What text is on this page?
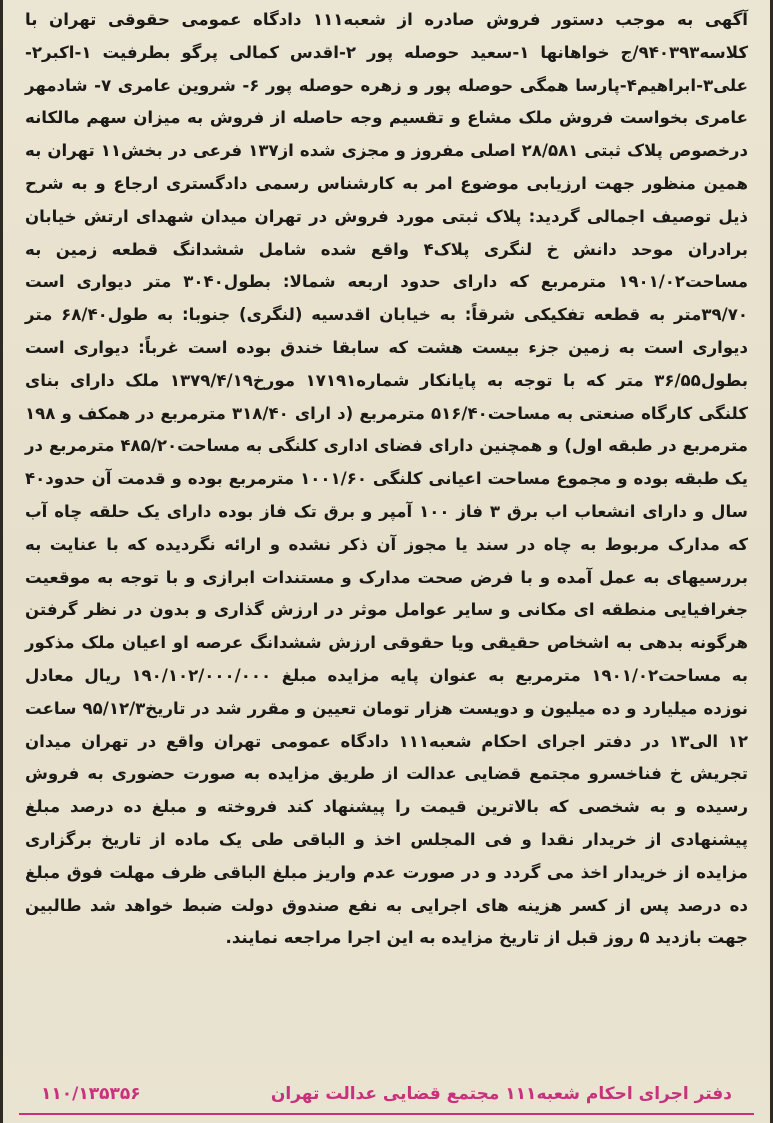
آگهی به موجب دستور فروش صادره از شعبه۱۱۱ دادگاه عمومی حقوقی تهران با کلاسه۹۴۰۳۹۳/ج خواهانها ۱-سعید حوصله پور ۲-اقدس کمالی پرگو بطرفیت ۱-اکبر۲-علی۳-ابراهیم۴-پارسا همگی حوصله پور و زهره حوصله پور ۶- شروین عامری ۷- شادمهر عامری بخواست فروش ملک مشاع و تقسیم وجه حاصله از فروش به میزان سهم مالکانه درخصوص پلاک ثبتی ۲۸/۵۸۱ اصلی مفروز و مجزی شده از۱۳۷ فرعی در بخش۱۱ تهران به همین منظور جهت ارزیابی موضوع امر به کارشناس رسمی دادگستری ارجاع و به شرح ذیل توصیف اجمالی گردید: پلاک ثبتی مورد فروش در تهران میدان شهدای ارتش خیابان برادران موحد دانش خ لنگری پلاک۴ واقع شده شامل ششدانگ قطعه زمین به مساحت۱۹۰۱/۰۲ مترمربع که دارای حدود اربعه شمالا: بطول۳۰۴۰ متر دیواری است ۳۹/۷۰متر به قطعه تفکیکی شرقاً: به خیابان اقدسیه (لنگری) جنوبا: به طول۶۸/۴۰ متر دیواری است به زمین جزء بیست هشت که سابقا خندق بوده است غرباً: دیواری است بطول۳۶/۵۵ متر که با توجه به پایانکار شماره۱۷۱۹۱ مورخ۱۳۷۹/۴/۱۹ ملک دارای بنای کلنگی کارگاه صنعتی به مساحت۵۱۶/۴۰ مترمربع (د ارای ۳۱۸/۴۰ مترمربع در همکف و ۱۹۸ مترمربع در طبقه اول) و همچنین دارای فضای اداری کلنگی به مساحت۴۸۵/۲۰ مترمربع در یک طبقه بوده و مجموع مساحت اعیانی کلنگی ۱۰۰۱/۶۰ مترمربع بوده و قدمت آن حدود۴۰ سال و دارای انشعاب اب برق ۳ فاز ۱۰۰ آمپر و برق تک فاز بوده دارای یک حلقه چاه آب که مدارک مربوط به چاه در سند یا مجوز آن ذکر نشده و ارائه نگردیده که با عنایت به بررسیهای به عمل آمده و با فرض صحت مدارک و مستندات ابرازی و با توجه به موقعیت جغرافیایی منطقه ای مکانی و سایر عوامل موثر در ارزش گذاری و بدون در نظر گرفتن هرگونه بدهی به اشخاص حقیقی ویا حقوقی ارزش ششدانگ عرصه او اعیان ملک مذکور به مساحت۱۹۰۱/۰۲ مترمربع به عنوان پایه مزایده مبلغ ۱۹۰/۱۰۲/۰۰۰/۰۰۰ ریال معادل نوزده میلیارد و ده میلیون و دویست هزار تومان تعیین و مقرر شد در تاریخ۹۵/۱۲/۳ ساعت ۱۲ الی۱۳ در دفتر اجرای احکام شعبه۱۱۱ دادگاه عمومی تهران واقع در تهران میدان تجریش خ فناخسرو مجتمع قضایی عدالت از طریق مزایده به صورت حضوری به فروش رسیده و به شخصی که بالاترین قیمت را پیشنهاد کند فروخته و مبلغ ده درصد مبلغ پیشنهادی از خریدار نقدا و فی المجلس اخذ و الباقی طی یک ماده از تاریخ برگزاری مزایده از خریدار اخذ می گردد و در صورت عدم واریز مبلغ الباقی ظرف مهلت فوق مبلغ ده درصد پس از کسر هزینه های اجرایی به نفع صندوق دولت ضبط خواهد شد طالبین جهت بازدید ۵ روز قبل از تاریخ مزایده به این اجرا مراجعه نمایند.
دفتر اجرای احکام شعبه۱۱۱ مجتمع قضایی عدالت تهران
۱۱۰/۱۳۵۳۵۶
